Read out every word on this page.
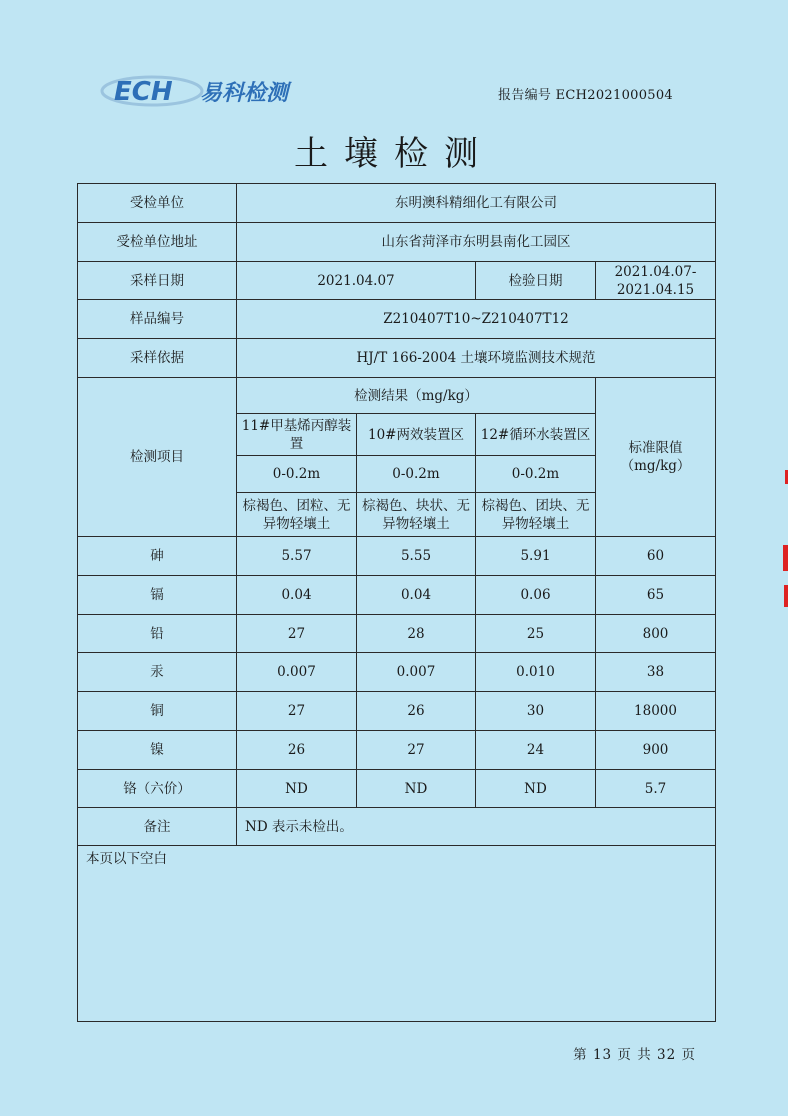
ECH 易科检测	报告编号 ECH2021000504
土壤检测
受检单位	东明澳科精细化工有限公司			
受检单位地址	山东省菏泽市东明县南化工园区			
采样日期	2021.04.07		检验日期	2021.04.07-2021.04.15
样品编号	Z210407T10~Z210407T12			
采样依据	HJ/T 166-2004 土壤环境监测技术规范			
检测项目	检测结果（mg/kg）			标准限值（mg/kg）
	11#甲基烯丙醇装置	10#两效装置区	12#循环水装置区	
	0-0.2m	0-0.2m	0-0.2m	
	棕褐色、团粒、无异物轻壤土	棕褐色、块状、无异物轻壤土	棕褐色、团块、无异物轻壤土	
砷	5.57	5.55	5.91	60
镉	0.04	0.04	0.06	65
铅	27	28	25	800
汞	0.007	0.007	0.010	38
铜	27	26	30	18000
镍	26	27	24	900
铬（六价）	ND	ND	ND	5.7
备注	ND 表示未检出。			
本页以下空白				
第 13 页 共 32 页
